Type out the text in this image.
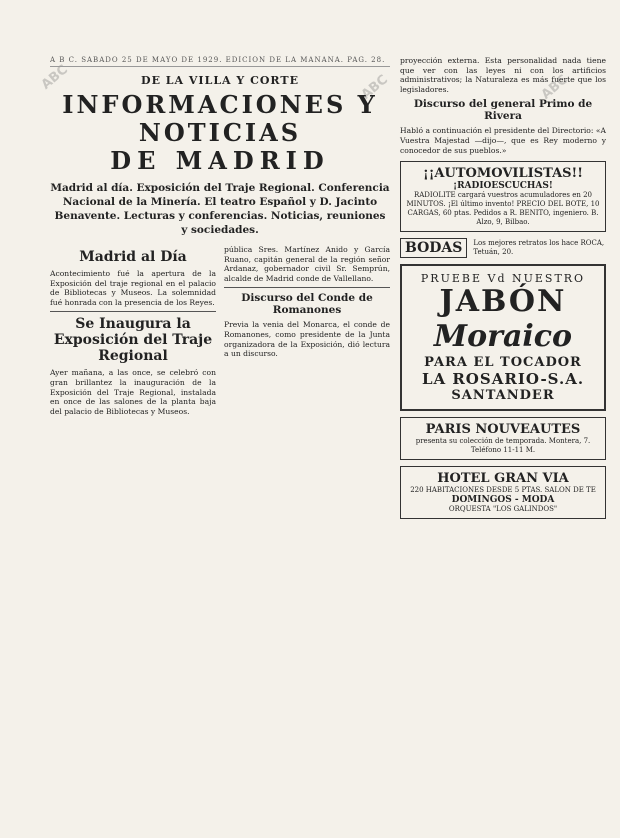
ABC	ABC	ABC
A B C. SABADO 25 DE MAYO DE 1929. EDICION DE LA MAÑANA. PAG. 28.
DE LA VILLA Y CORTE
INFORMACIONES Y NOTICIAS
DE MADRID
Madrid al día. Exposición del Traje Regional. Conferencia Nacional de la Minería. El teatro Español y D. Jacinto Benavente. Lecturas y conferencias. Noticias, reuniones y sociedades.
Madrid al Día

Acontecimiento fué la apertura de la Exposición del traje regional en el palacio de Bibliotecas y Museos. La solemnidad fué honrada con la presencia de los Reyes.

Se Inaugura la Exposición del Traje Regional

Ayer mañana, a las once, se celebró con gran brillantez la inauguración de la Exposición del Traje Regional, instalada en once de las salones de la planta baja del palacio de Bibliotecas y Museos.

pública Sres. Martínez Anido y García Ruano, capitán general de la región señor Ardanaz, gobernador civil Sr. Semprún, alcalde de Madrid conde de Vallellano.

Discurso del Conde de Romanones

Previa la venia del Monarca, el conde de Romanones, como presidente de la Junta organizadora de la Exposición, dió lectura a un discurso.

proyección externa. Esta personalidad nada tiene que ver con las leyes ni con los artificios administrativos; la Naturaleza es más fuerte que los legisladores.

Discurso del general Primo de Rivera

Habló a continuación el presidente del Directorio: «A Vuestra Majestad —dijo—, que es Rey moderno y conocedor de sus pueblos.»

¡¡AUTOMOVILISTAS!!
¡RADIOESCUCHAS!
RADIOLITE cargará vuestros acumuladores en 20 MINUTOS. ¡El último invento! PRECIO DEL BOTE, 10 CARGAS, 60 ptas. Pedidos a R. BENITO, ingeniero. B. Alzo, 9, Bilbao.
BODAS	Los mejores retratos los hace ROCA, Tetuán, 20.
PRUEBE Vd NUESTRO
JABÓN
Moraico
PARA EL TOCADOR
LA ROSARIO-S.A.
SANTANDER
PARIS NOUVEAUTES
presenta su colección de temporada. Montera, 7. Teléfono 11-11 M.
HOTEL GRAN VIA
220 HABITACIONES DESDE 5 PTAS. SALON DE TE
DOMINGOS - MODA
ORQUESTA "LOS GALINDOS"
